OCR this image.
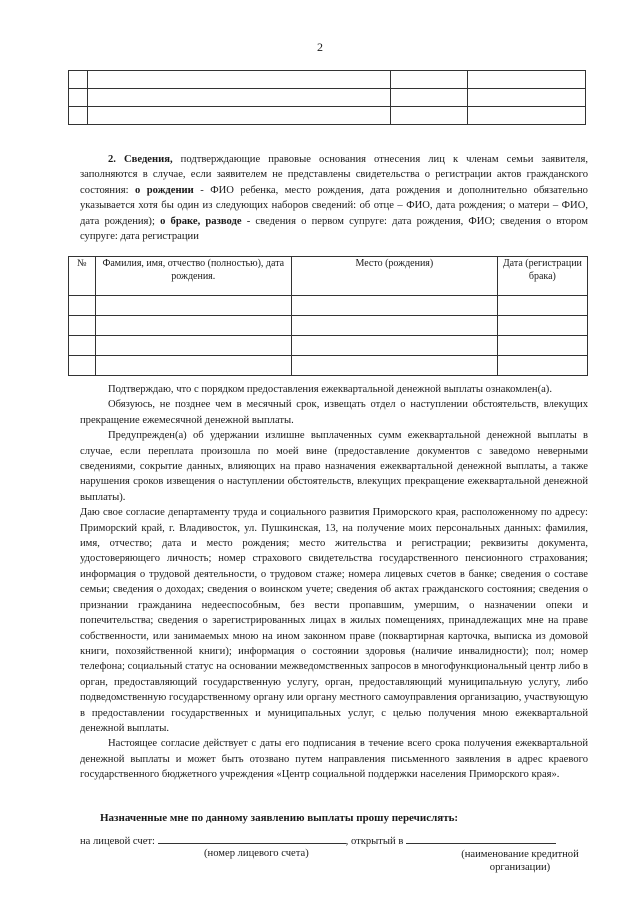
2

2. Сведения, подтверждающие правовые основания отнесения лиц к членам семьи заявителя, заполняются в случае, если заявителем не представлены свидетельства о регистрации актов гражданского состояния: о рождении - ФИО ребенка, место рождения, дата рождения и дополнительно обязательно указывается хотя бы один из следующих наборов сведений: об отце – ФИО, дата рождения; о матери – ФИО, дата рождения); о браке, разводе - сведения о первом супруге: дата рождения, ФИО; сведения о втором супруге: дата регистрации
№	Фамилия, имя, отчество (полностью), дата рождения.	Место (рождения)	Дата (регистрации брака)

Подтверждаю, что с порядком предоставления ежеквартальной денежной выплаты ознакомлен(а).

Обязуюсь, не позднее чем в месячный срок, извещать отдел о наступлении обстоятельств, влекущих прекращение ежемесячной денежной выплаты.

Предупрежден(а) об удержании излишне выплаченных сумм ежеквартальной денежной выплаты в случае, если переплата произошла по моей вине (предоставление документов с заведомо неверными сведениями, сокрытие данных, влияющих на право назначения ежеквартальной денежной выплаты, а также нарушения сроков извещения о наступлении обстоятельств, влекущих прекращение ежеквартальной денежной выплаты).

Даю свое согласие департаменту труда и социального развития Приморского края, расположенному по адресу: Приморский край, г. Владивосток, ул. Пушкинская, 13, на получение моих персональных данных: фамилия, имя, отчество; дата и место рождения; место жительства и регистрации; реквизиты документа, удостоверяющего личность; номер страхового свидетельства государственного пенсионного страхования; информация о трудовой деятельности, о трудовом стаже; номера лицевых счетов в банке; сведения о составе семьи; сведения о доходах; сведения о воинском учете; сведения об актах гражданского состояния; сведения о признании гражданина недееспособным, без вести пропавшим, умершим, о назначении опеки и попечительства; сведения о зарегистрированных лицах в жилых помещениях, принадлежащих мне на праве собственности, или занимаемых мною на ином законном праве (поквартирная карточка, выписка из домовой книги, похозяйственной книги); информация о состоянии здоровья (наличие инвалидности); пол; номер телефона; социальный статус на основании межведомственных запросов в многофункциональный центр либо в орган, предоставляющий государственную услугу, орган, предоставляющий муниципальную услугу, либо подведомственную государственному органу или органу местного самоуправления организацию, участвующую в предоставлении государственных и муниципальных услуг, с целью получения мною ежеквартальной денежной выплаты.

Настоящее согласие действует с даты его подписания в течение всего срока получения ежеквартальной денежной выплаты и может быть отозвано путем направления письменного заявления в адрес краевого государственного бюджетного учреждения «Центр социальной поддержки населения Приморского края».

Назначенные мне по данному заявлению выплаты прошу перечислять:
на лицевой счет:	, открытый в
(номер лицевого счета)	(наименование кредитной организации)
